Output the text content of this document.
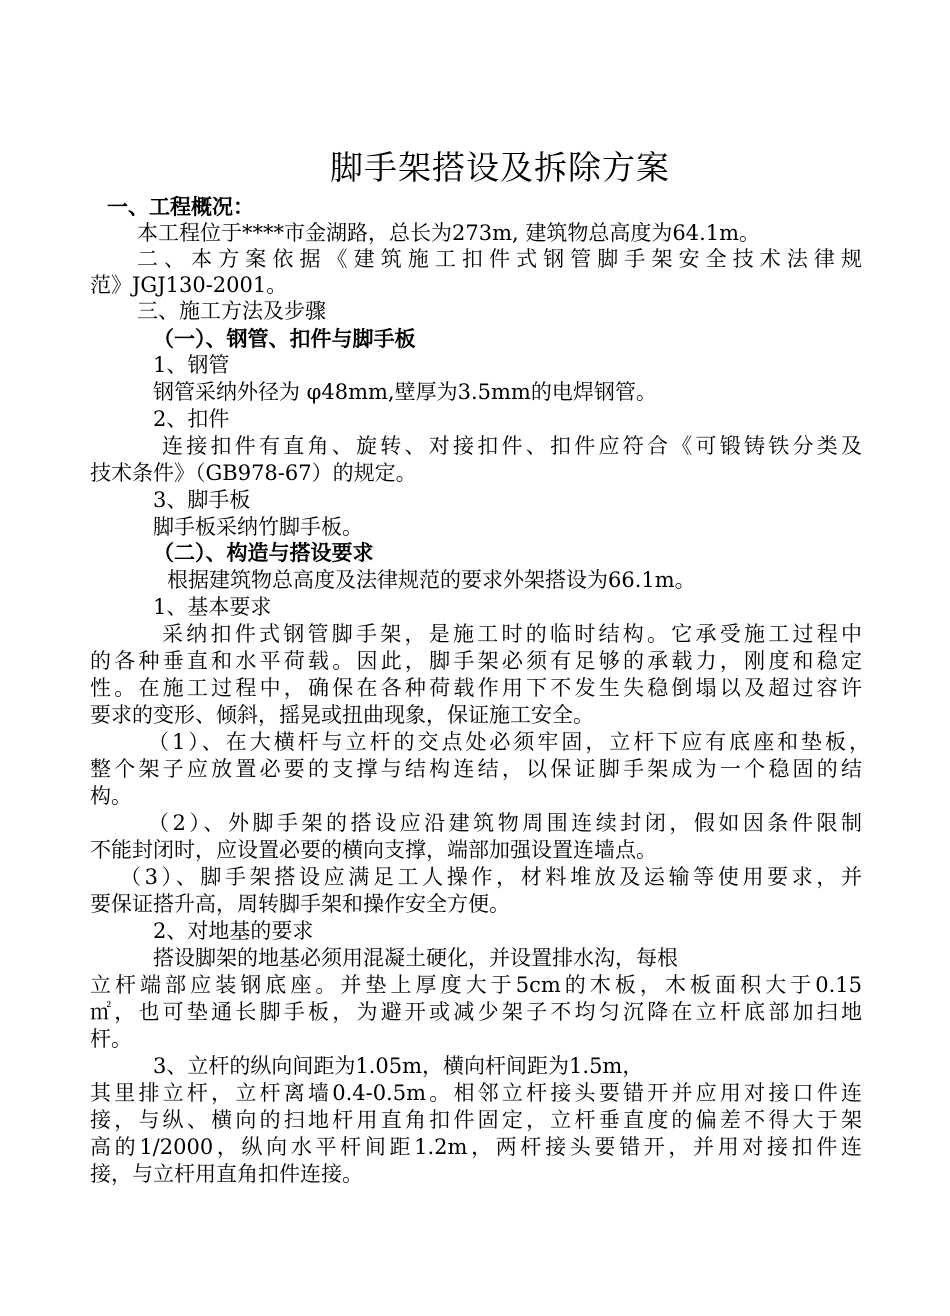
脚手架搭设及拆除方案
一、工程概况：
本工程位于****市金湖路，总长为273m, 建筑物总高度为64.1m。
二、本方案依据《建筑施工扣件式钢管脚手架安全技术法律规
范》JGJ130-2001。
三、施工方法及步骤
（一）、钢管、扣件与脚手板
1、钢管
钢管采纳外径为 φ48mm,壁厚为3.5mm的电焊钢管。
2、扣件
连接扣件有直角、旋转、对接扣件、扣件应符合《可锻铸铁分类及
技术条件》（GB978-67）的规定。
3、脚手板
脚手板采纳竹脚手板。
（二）、构造与搭设要求
根据建筑物总高度及法律规范的要求外架搭设为66.1m。
1、基本要求
采纳扣件式钢管脚手架，是施工时的临时结构。它承受施工过程中
的各种垂直和水平荷载。因此，脚手架必须有足够的承载力，刚度和稳定
性。在施工过程中，确保在各种荷载作用下不发生失稳倒塌以及超过容许
要求的变形、倾斜，摇晃或扭曲现象，保证施工安全。
（1）、在大横杆与立杆的交点处必须牢固，立杆下应有底座和垫板，
整个架子应放置必要的支撑与结构连结，以保证脚手架成为一个稳固的结
构。
（2）、外脚手架的搭设应沿建筑物周围连续封闭，假如因条件限制
不能封闭时，应设置必要的横向支撑，端部加强设置连墙点。
（3）、脚手架搭设应满足工人操作，材料堆放及运输等使用要求，并
要保证搭升高，周转脚手架和操作安全方便。
2、对地基的要求
搭设脚架的地基必须用混凝土硬化，并设置排水沟，每根
立杆端部应装钢底座。并垫上厚度大于5cm的木板，木板面积大于0.15
㎡，也可垫通长脚手板，为避开或减少架子不均匀沉降在立杆底部加扫地
杆。
3、立杆的纵向间距为1.05m，横向杆间距为1.5m，
其里排立杆，立杆离墙0.4-0.5m。相邻立杆接头要错开并应用对接口件连
接，与纵、横向的扫地杆用直角扣件固定，立杆垂直度的偏差不得大于架
高的1/2000，纵向水平杆间距1.2m，两杆接头要错开，并用对接扣件连
接，与立杆用直角扣件连接。
